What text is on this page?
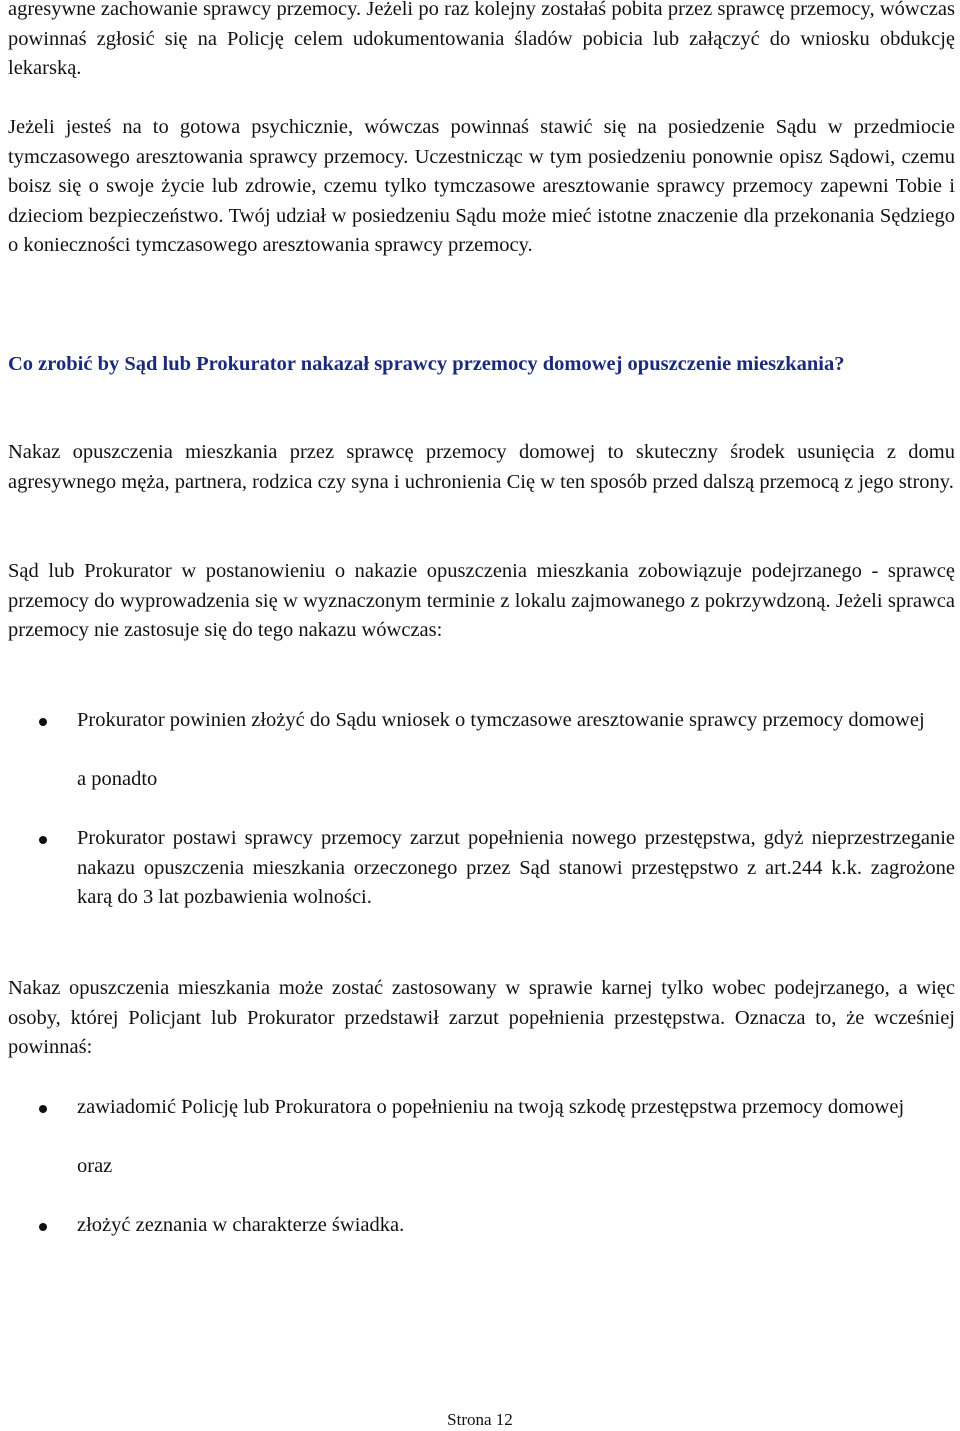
agresywne zachowanie sprawcy przemocy. Jeżeli po raz kolejny zostałaś pobita przez sprawcę przemocy, wówczas powinnaś zgłosić się na Policję celem udokumentowania śladów pobicia lub załączyć do wniosku obdukcję lekarską.

Jeżeli jesteś na to gotowa psychicznie, wówczas powinnaś stawić się na posiedzenie Sądu w przedmiocie tymczasowego aresztowania sprawcy przemocy. Uczestnicząc w tym posiedzeniu ponownie opisz Sądowi, czemu boisz się o swoje życie lub zdrowie, czemu tylko tymczasowe aresztowanie sprawcy przemocy zapewni Tobie i dzieciom bezpieczeństwo. Twój udział w posiedzeniu Sądu może mieć istotne znaczenie dla przekonania Sędziego o konieczności tymczasowego aresztowania sprawcy przemocy.

Co zrobić by Sąd lub Prokurator nakazał sprawcy przemocy domowej opuszczenie mieszkania?

Nakaz opuszczenia mieszkania przez sprawcę przemocy domowej to skuteczny środek usunięcia z domu agresywnego męża, partnera, rodzica czy syna i uchronienia Cię w ten sposób przed dalszą przemocą z jego strony.

Sąd lub Prokurator w postanowieniu o nakazie opuszczenia mieszkania zobowiązuje podejrzanego - sprawcę przemocy do wyprowadzenia się w wyznaczonym terminie z lokalu zajmowanego z pokrzywdzoną. Jeżeli sprawca przemocy nie zastosuje się do tego nakazu wówczas:

Prokurator powinien złożyć do Sądu wniosek o tymczasowe aresztowanie sprawcy przemocy domowej

a ponadto

Prokurator postawi sprawcy przemocy zarzut popełnienia nowego przestępstwa, gdyż nieprzestrzeganie nakazu opuszczenia mieszkania orzeczonego przez Sąd stanowi przestępstwo z art.244 k.k. zagrożone karą do 3 lat pozbawienia wolności.

Nakaz opuszczenia mieszkania może zostać zastosowany w sprawie karnej tylko wobec podejrzanego, a więc osoby, której Policjant lub Prokurator przedstawił zarzut popełnienia przestępstwa. Oznacza to, że wcześniej powinnaś:

zawiadomić Policję lub Prokuratora o popełnieniu na twoją szkodę przestępstwa przemocy domowej

oraz

złożyć zeznania w charakterze świadka.
Strona 12
